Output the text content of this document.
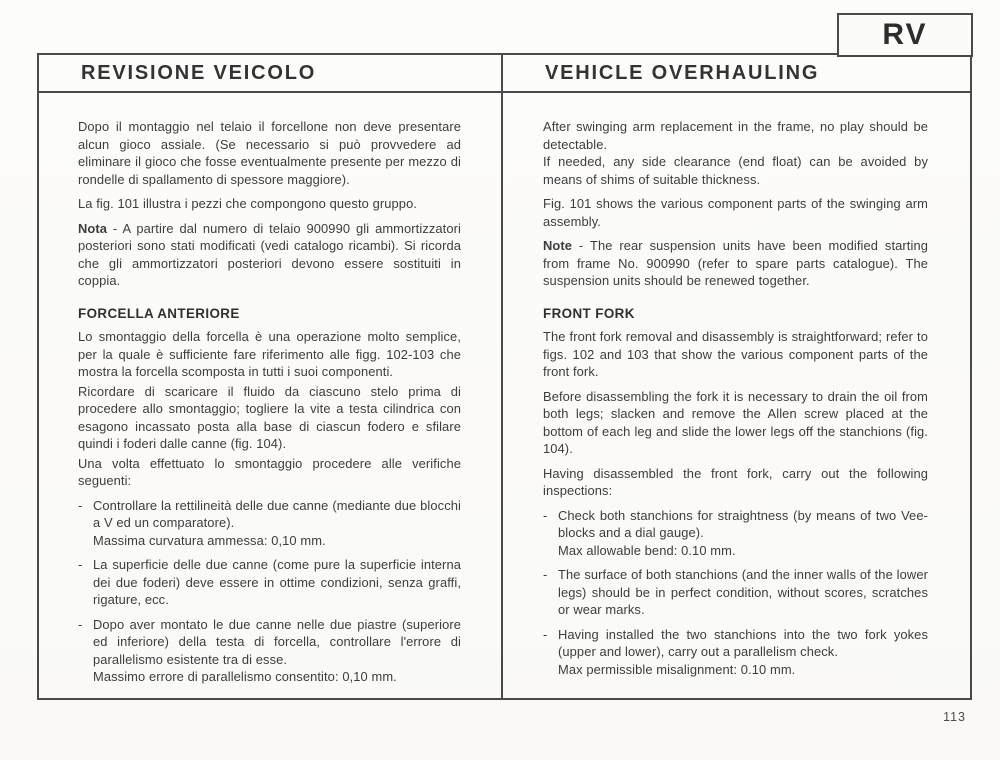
RV
REVISIONE VEICOLO	VEHICLE OVERHAULING

Dopo il montaggio nel telaio il forcellone non deve presentare alcun gioco assiale. (Se necessario si può provvedere ad eliminare il gioco che fosse eventualmente presente per mezzo di rondelle di spallamento di spessore maggiore).

La fig. 101 illustra i pezzi che compongono questo gruppo.

Nota - A partire dal numero di telaio 900990 gli ammortizzatori posteriori sono stati modificati (vedi catalogo ricambi). Si ricorda che gli ammortizzatori posteriori devono essere sostituiti in coppia.

FORCELLA ANTERIORE

Lo smontaggio della forcella è una operazione molto semplice, per la quale è sufficiente fare riferimento alle figg. 102-103 che mostra la forcella scomposta in tutti i suoi componenti.

Ricordare di scaricare il fluido da ciascuno stelo prima di procedere allo smontaggio; togliere la vite a testa cilindrica con esagono incassato posta alla base di ciascun fodero e sfilare quindi i foderi dalle canne (fig. 104).

Una volta effettuato lo smontaggio procedere alle verifiche seguenti:

- Controllare la rettilineità delle due canne (mediante due blocchi a V ed un comparatore).
Massima curvatura ammessa: 0,10 mm.
- La superficie delle due canne (come pure la superficie interna dei due foderi) deve essere in ottime condizioni, senza graffi, rigature, ecc.
- Dopo aver montato le due canne nelle due piastre (superiore ed inferiore) della testa di forcella, controllare l'errore di parallelismo esistente tra di esse.
Massimo errore di parallelismo consentito: 0,10 mm.

After swinging arm replacement in the frame, no play should be detectable.

If needed, any side clearance (end float) can be avoided by means of shims of suitable thickness.

Fig. 101 shows the various component parts of the swinging arm assembly.

Note - The rear suspension units have been modified starting from frame No. 900990 (refer to spare parts catalogue). The suspension units should be renewed together.

FRONT FORK

The front fork removal and disassembly is straightforward; refer to figs. 102 and 103 that show the various component parts of the front fork.

Before disassembling the fork it is necessary to drain the oil from both legs; slacken and remove the Allen screw placed at the bottom of each leg and slide the lower legs off the stanchions (fig. 104).

Having disassembled the front fork, carry out the following inspections:

- Check both stanchions for straightness (by means of two Vee-blocks and a dial gauge).
Max allowable bend: 0.10 mm.
- The surface of both stanchions (and the inner walls of the lower legs) should be in perfect condition, without scores, scratches or wear marks.
- Having installed the two stanchions into the two fork yokes (upper and lower), carry out a parallelism check.
Max permissible misalignment: 0.10 mm.
113
